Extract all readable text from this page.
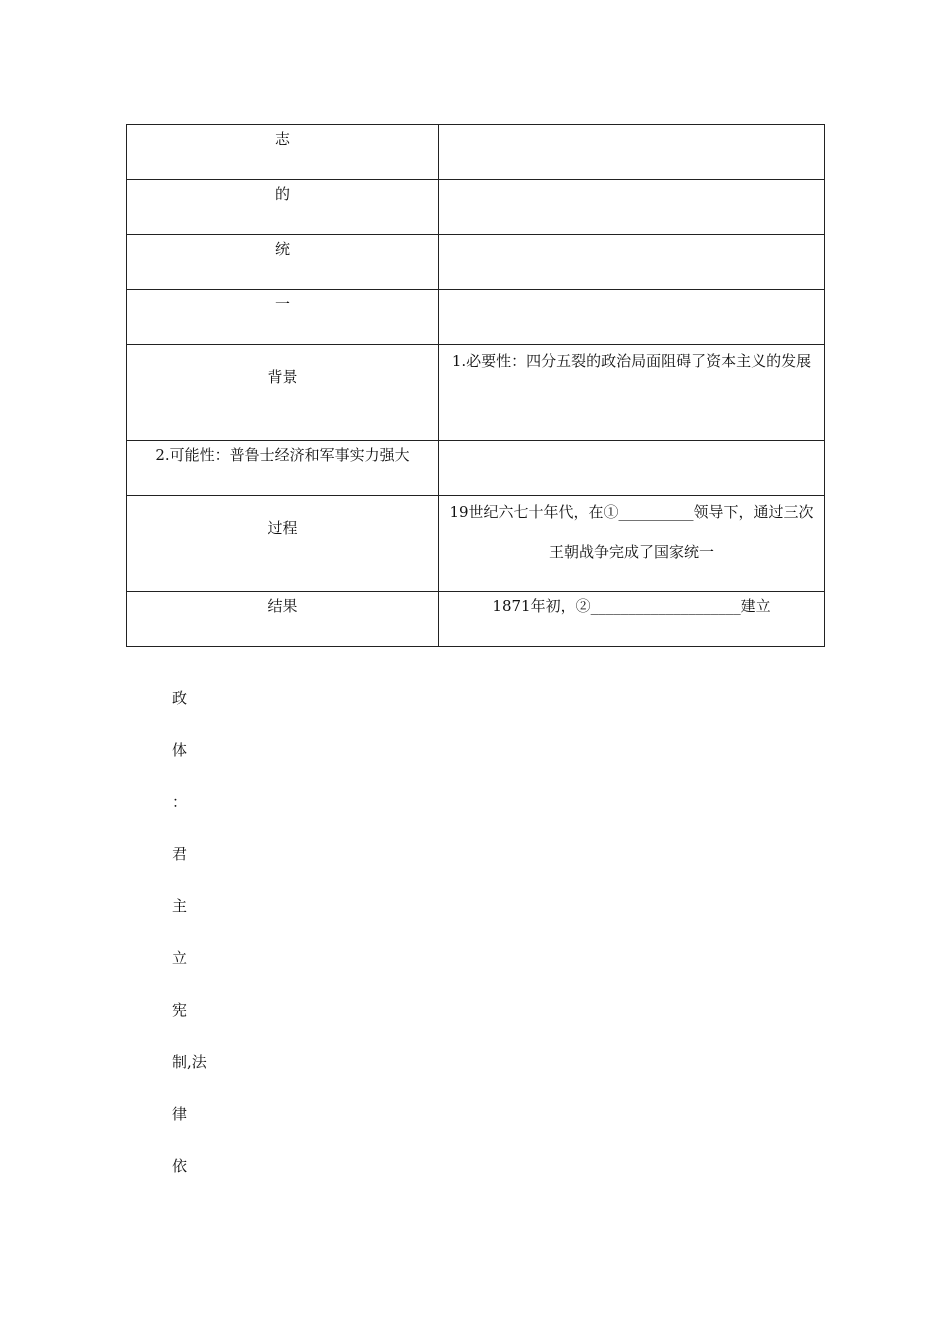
志	

的	

统	

一	

背景	1.必要性：四分五裂的政治局面阻碍了资本主义的发展

2.可能性：普鲁士经济和军事实力强大	

过程	19世纪六七十年代，在①__________领导下，通过三次王朝战争完成了国家统一

结果	1871年初，②____________________建立
政
体
：
君
主
立
宪
制,法
律
依
